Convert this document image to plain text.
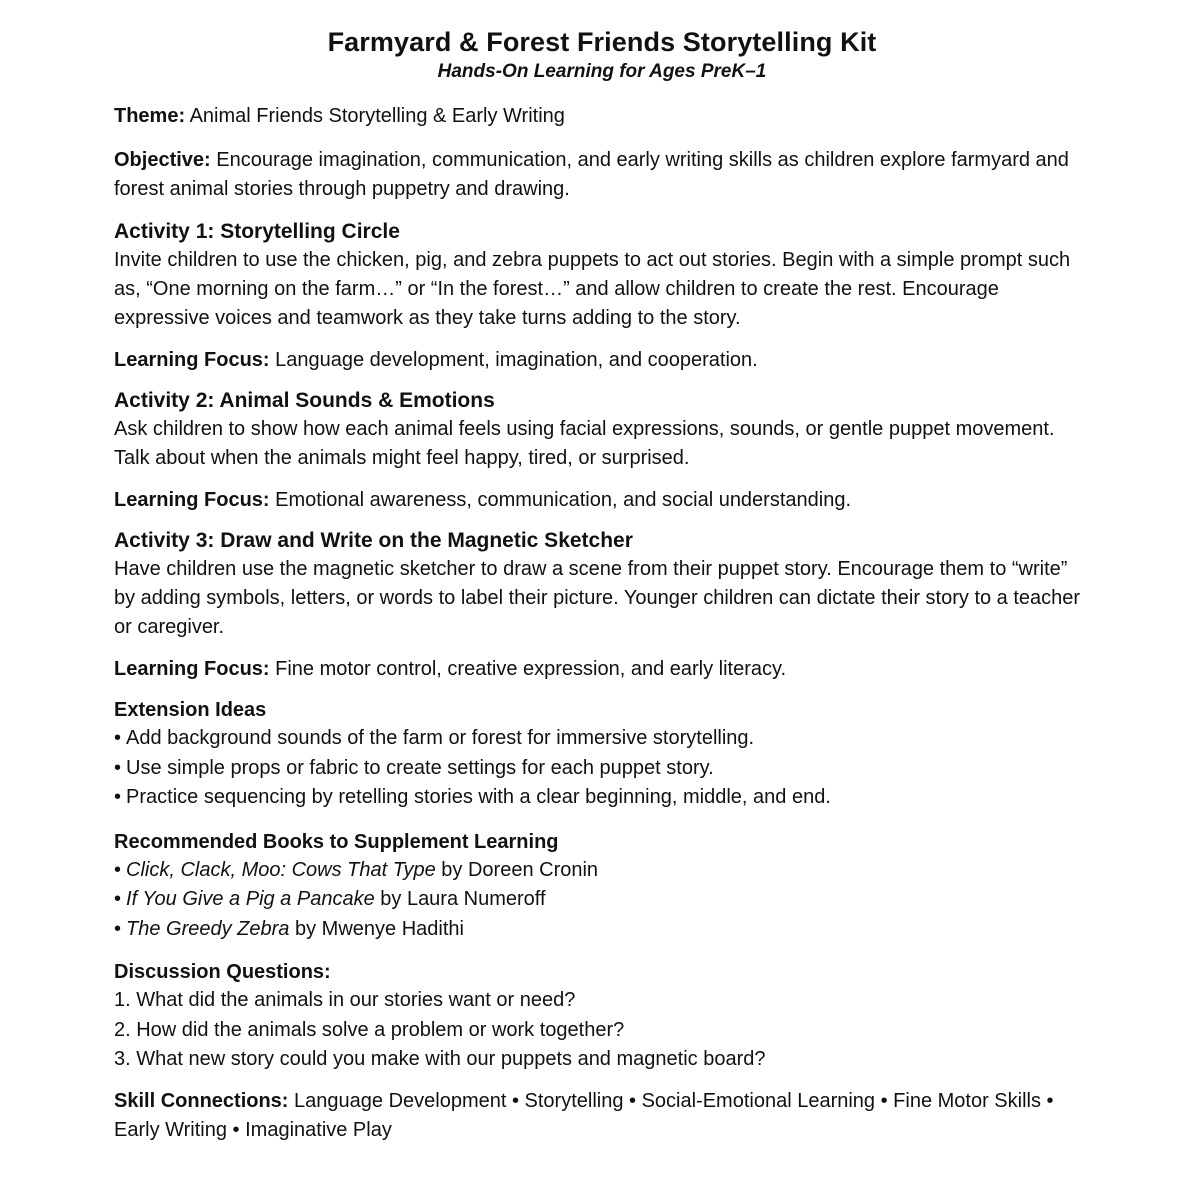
Farmyard & Forest Friends Storytelling Kit
Hands-On Learning for Ages PreK–1

Theme: Animal Friends Storytelling & Early Writing

Objective: Encourage imagination, communication, and early writing skills as children explore farmyard and forest animal stories through puppetry and drawing.

Activity 1: Storytelling Circle

Invite children to use the chicken, pig, and zebra puppets to act out stories. Begin with a simple prompt such as, “One morning on the farm…” or “In the forest…” and allow children to create the rest. Encourage expressive voices and teamwork as they take turns adding to the story.

Learning Focus: Language development, imagination, and cooperation.

Activity 2: Animal Sounds & Emotions

Ask children to show how each animal feels using facial expressions, sounds, or gentle puppet movement. Talk about when the animals might feel happy, tired, or surprised.

Learning Focus: Emotional awareness, communication, and social understanding.

Activity 3: Draw and Write on the Magnetic Sketcher

Have children use the magnetic sketcher to draw a scene from their puppet story. Encourage them to “write” by adding symbols, letters, or words to label their picture. Younger children can dictate their story to a teacher or caregiver.

Learning Focus: Fine motor control, creative expression, and early literacy.

Extension Ideas
• Add background sounds of the farm or forest for immersive storytelling.
• Use simple props or fabric to create settings for each puppet story.
• Practice sequencing by retelling stories with a clear beginning, middle, and end.
Recommended Books to Supplement Learning
• Click, Clack, Moo: Cows That Type by Doreen Cronin
• If You Give a Pig a Pancake by Laura Numeroff
• The Greedy Zebra by Mwenye Hadithi
Discussion Questions:
1. What did the animals in our stories want or need?
2. How did the animals solve a problem or work together?
3. What new story could you make with our puppets and magnetic board?

Skill Connections: Language Development • Storytelling • Social-Emotional Learning • Fine Motor Skills • Early Writing • Imaginative Play
